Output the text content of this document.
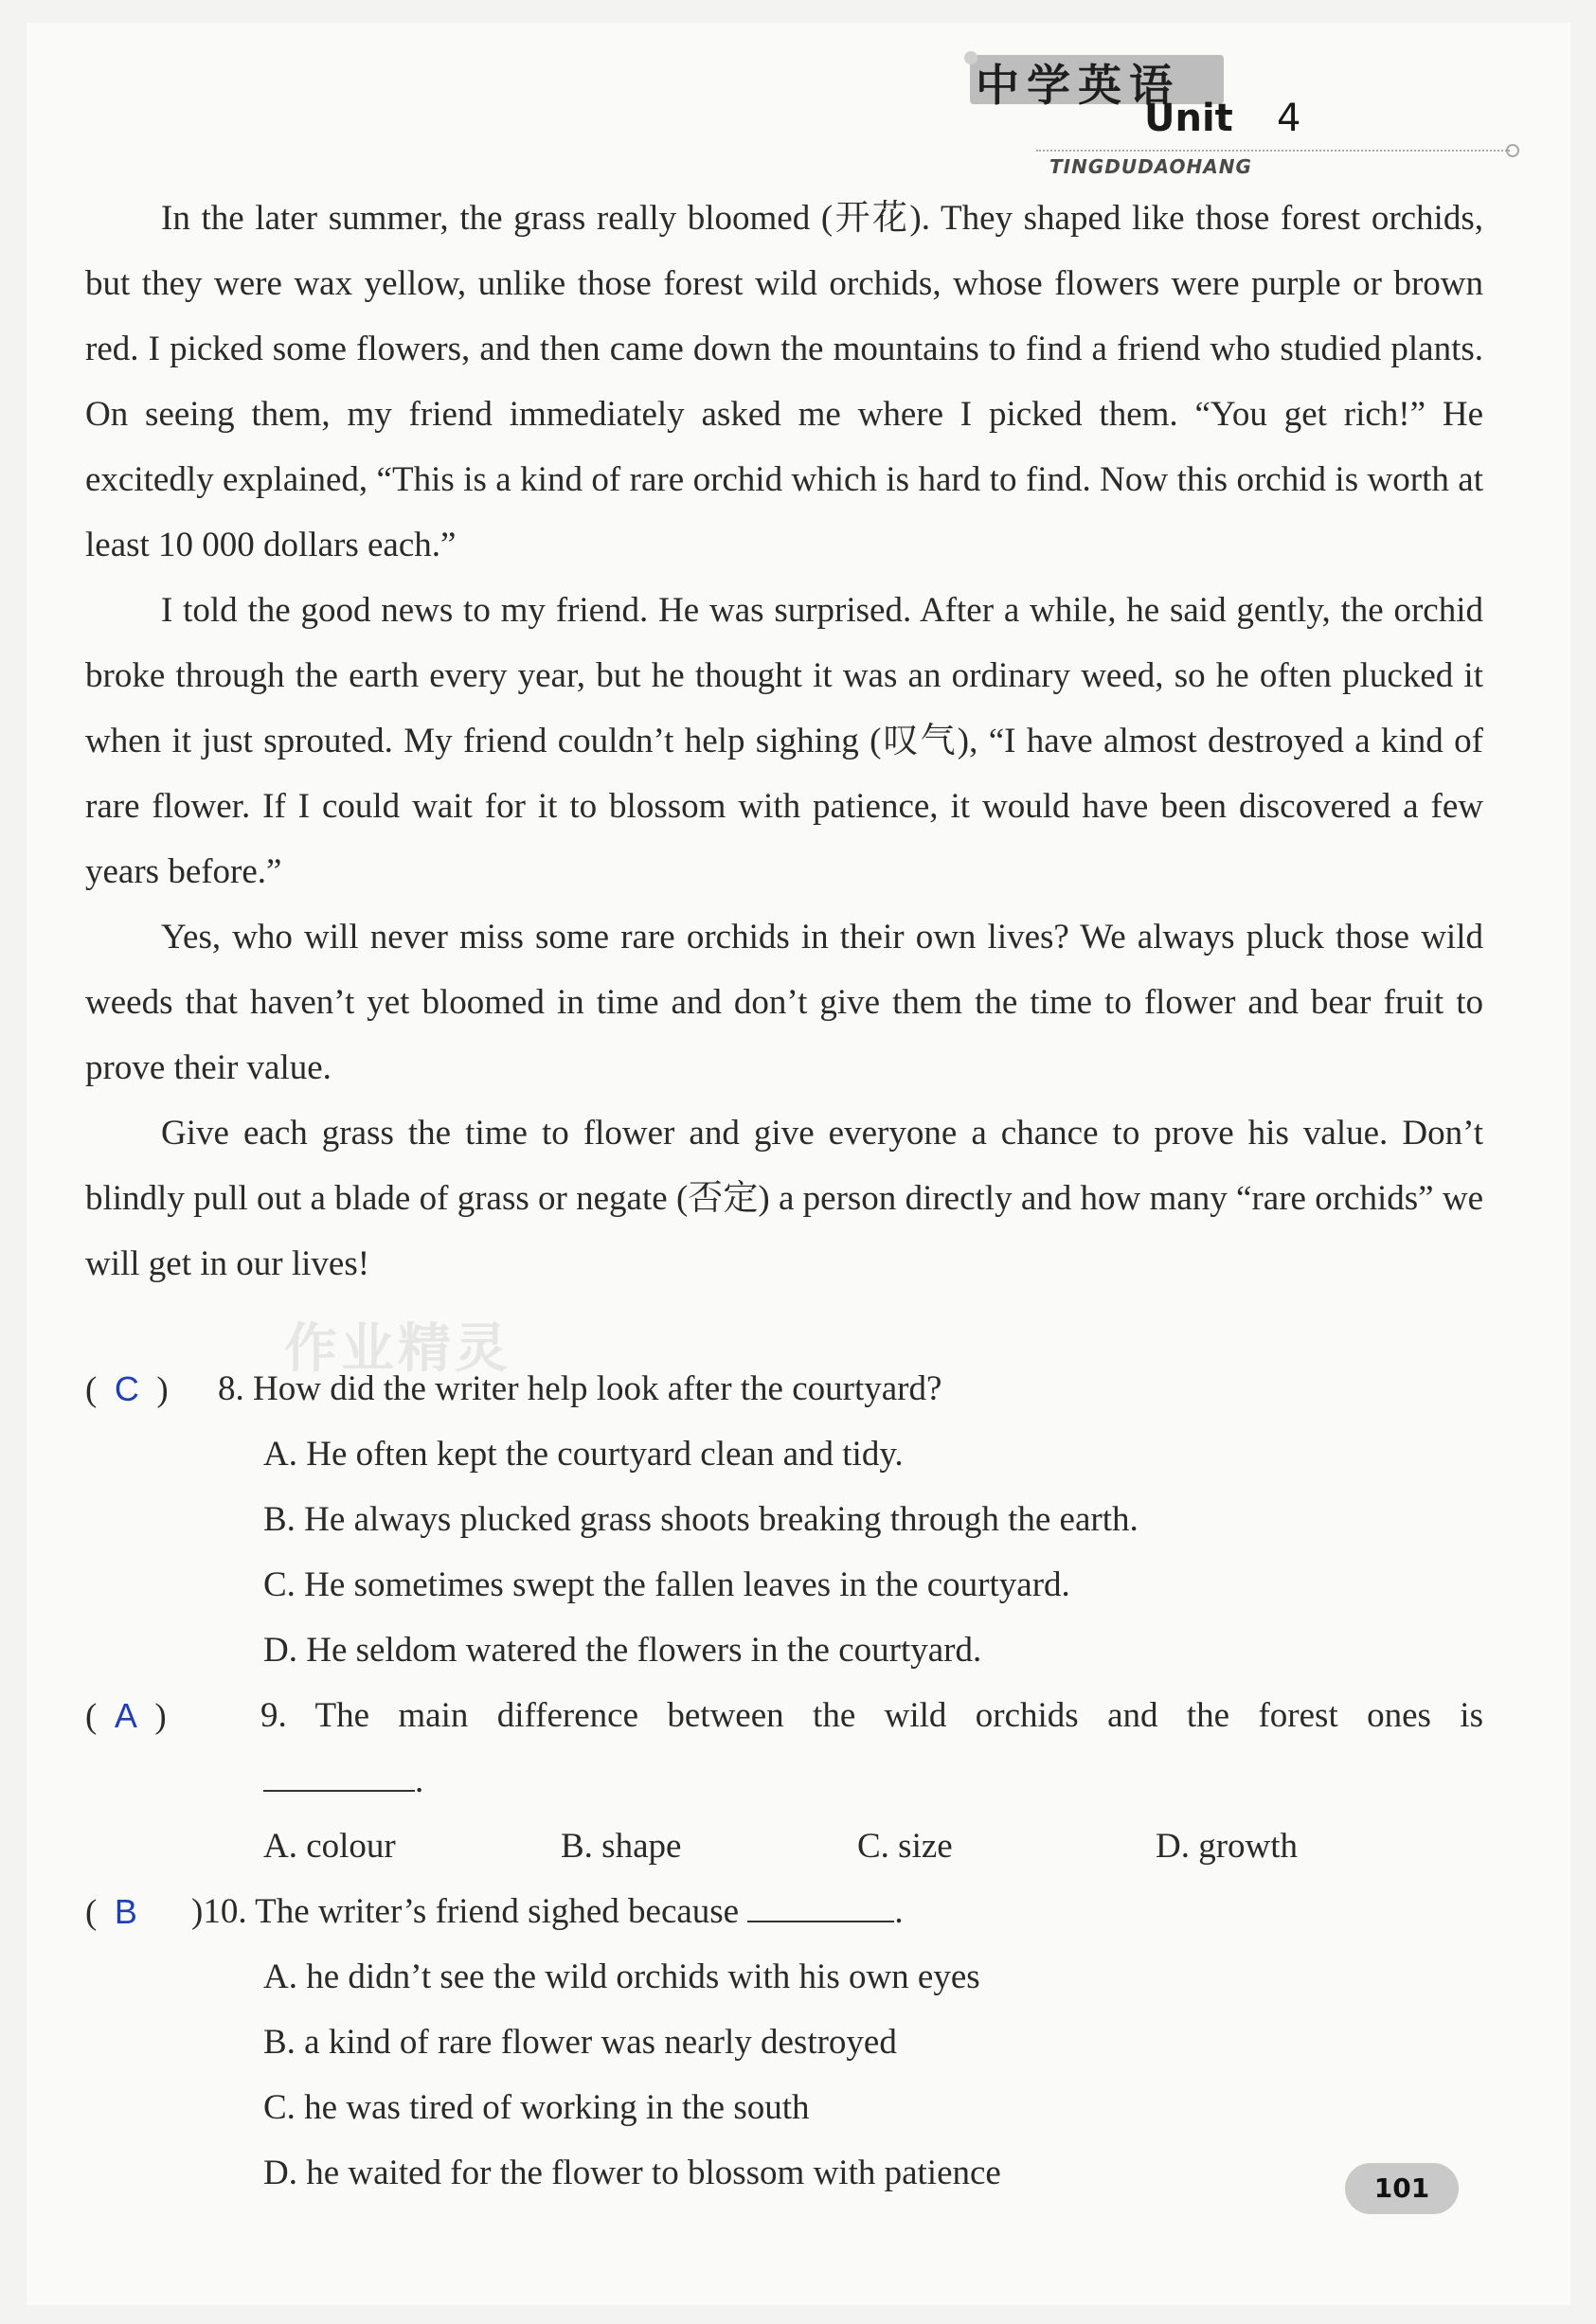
中学英语
Unit 4
TINGDUDAOHANG

In the later summer, the grass really bloomed (开花). They shaped like those forest orchids, but they were wax yellow, unlike those forest wild orchids, whose flowers were purple or brown red. I picked some flowers, and then came down the mountains to find a friend who studied plants. On seeing them, my friend immediately asked me where I picked them. “You get rich!” He excitedly explained, “This is a kind of rare orchid which is hard to find. Now this orchid is worth at least 10 000 dollars each.”

I told the good news to my friend. He was surprised. After a while, he said gently, the orchid broke through the earth every year, but he thought it was an ordinary weed, so he often plucked it when it just sprouted. My friend couldn’t help sighing (叹气), “I have almost destroyed a kind of rare flower. If I could wait for it to blossom with patience, it would have been discovered a few years before.”

Yes, who will never miss some rare orchids in their own lives? We always pluck those wild weeds that haven’t yet bloomed in time and don’t give them the time to flower and bear fruit to prove their value.

Give each grass the time to flower and give everyone a chance to prove his value. Don’t blindly pull out a blade of grass or negate (否定) a person directly and how many “rare orchids” we will get in our lives!

作业精灵
(  C  ) 8. How did the writer help look after the courtyard?
A. He often kept the courtyard clean and tidy.
B. He always plucked grass shoots breaking through the earth.
C. He sometimes swept the fallen leaves in the courtyard.
D. He seldom watered the flowers in the courtyard.
(  A  )	9. The main difference between the wild orchids and the forest ones is
.
A. colour	B. shape	C. size	D. growth
(  B )10. The writer’s friend sighed because	.
A. he didn’t see the wild orchids with his own eyes
B. a kind of rare flower was nearly destroyed
C. he was tired of working in the south
D. he waited for the flower to blossom with patience	101
